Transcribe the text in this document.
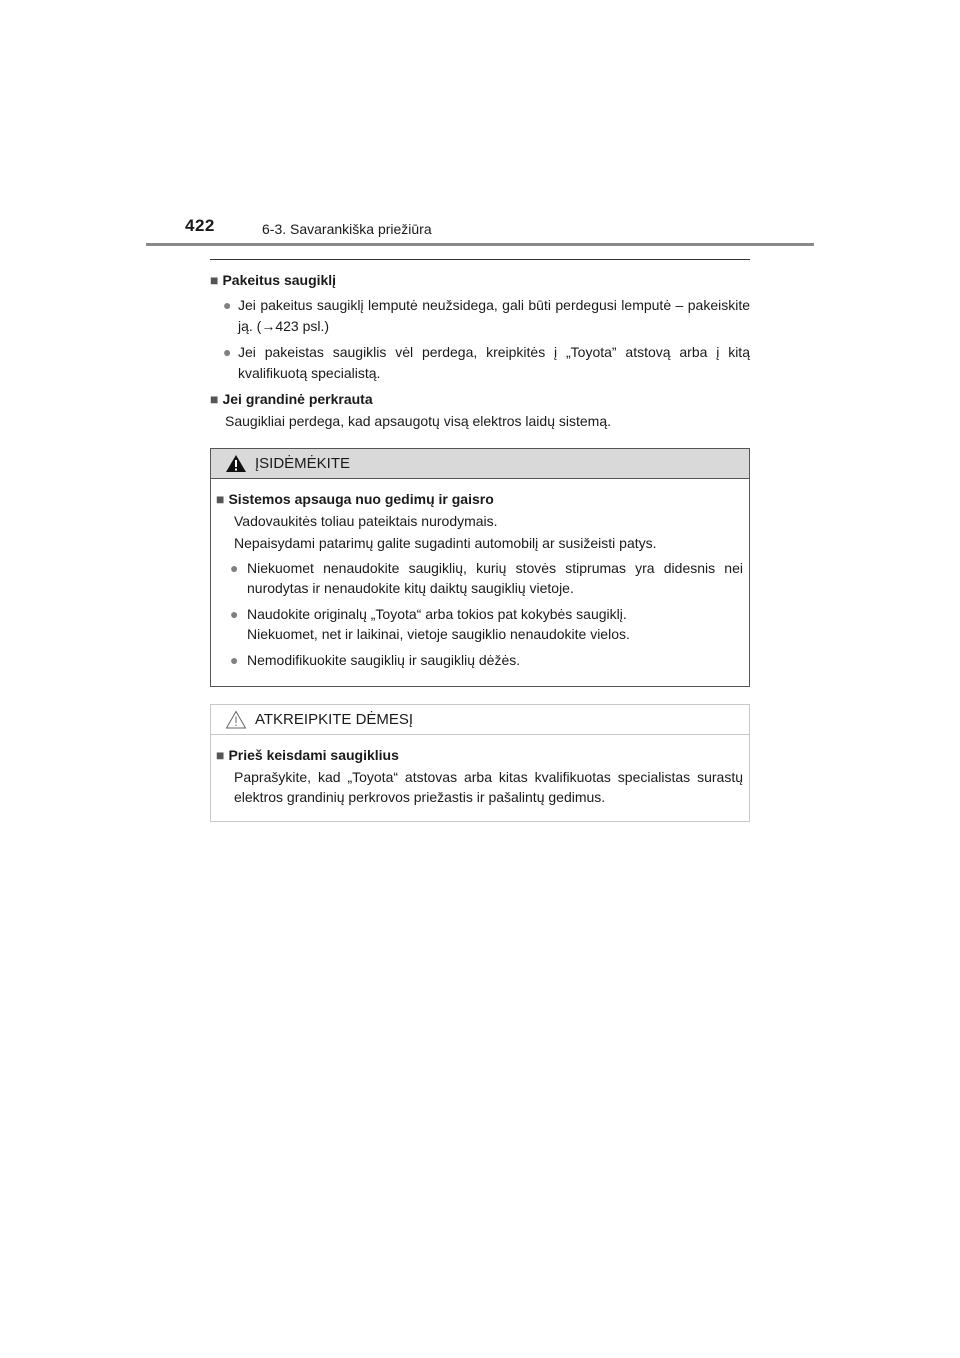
422	6-3. Savarankiška priežiūra

■ Pakeitus saugiklį

● Jei pakeitus saugiklį lemputė neužsidega, gali būti perdegusi lemputė – pakeiskite ją. (→423 psl.)
● Jei pakeistas saugiklis vėl perdega, kreipkitės į „Toyota” atstovą arba į kitą kvalifikuotą specialistą.

■ Jei grandinė perkrauta

Saugikliai perdega, kad apsaugotų visą elektros laidų sistemą.
ĮSIDĖMĖKITE

■ Sistemos apsauga nuo gedimų ir gaisro

Vadovaukitės toliau pateiktais nurodymais.
Nepaisydami patarimų galite sugadinti automobilį ar susižeisti patys.
● Niekuomet nenaudokite saugiklių, kurių stovės stiprumas yra didesnis nei nurodytas ir nenaudokite kitų daiktų saugiklių vietoje.
● Naudokite originalų „Toyota“ arba tokios pat kokybės saugiklį.
Niekuomet, net ir laikinai, vietoje saugiklio nenaudokite vielos.
● Nemodifikuokite saugiklių ir saugiklių dėžės.
ATKREIPKITE DĖMESĮ

■ Prieš keisdami saugiklius

Paprašykite, kad „Toyota“ atstovas arba kitas kvalifikuotas specialistas surastų elektros grandinių perkrovos priežastis ir pašalintų gedimus.
